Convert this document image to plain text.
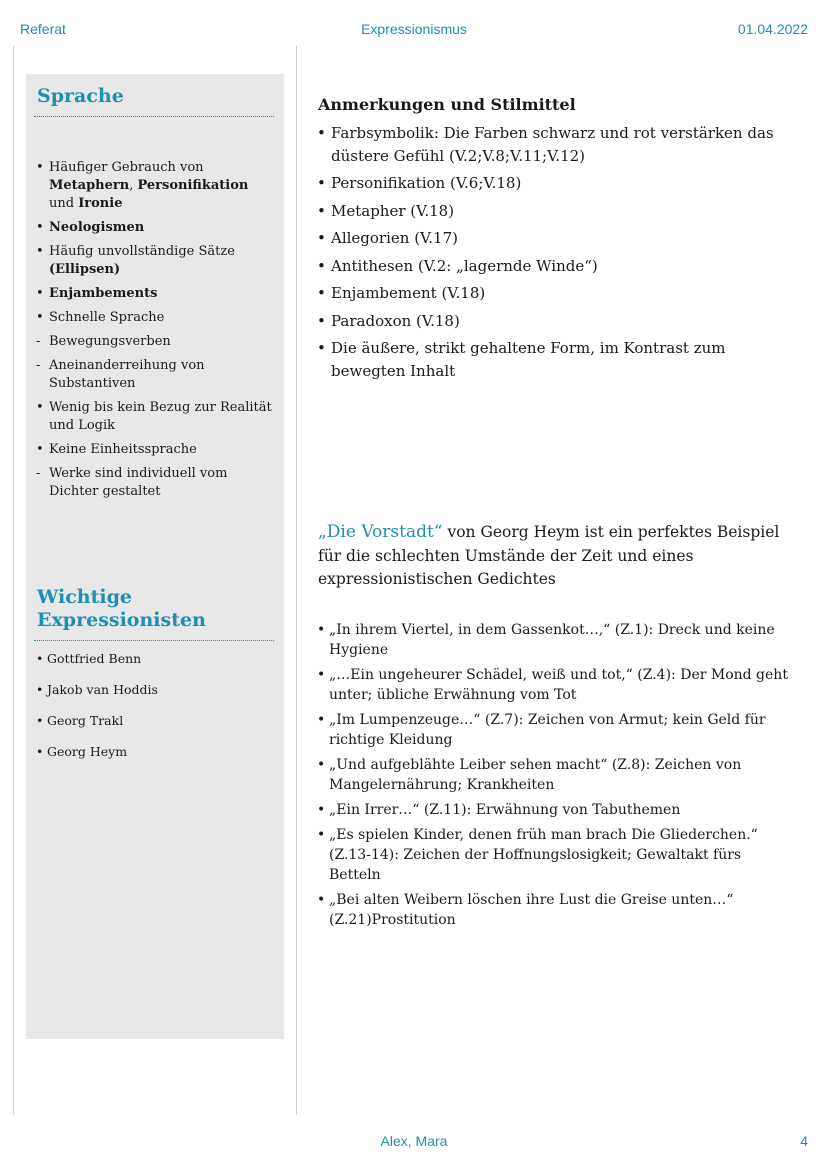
Referat	Expressionismus	01.04.2022
Sprache
• Häufiger Gebrauch von Metaphern, Personifikation und Ironie
• Neologismen
• Häufig unvollständige Sätze (Ellipsen)
• Enjambements
• Schnelle Sprache
- Bewegungsverben
- Aneinanderreihung von Substantiven
• Wenig bis kein Bezug zur Realität und Logik
• Keine Einheitssprache
- Werke sind individuell vom Dichter gestaltet
Wichtige
Expressionisten
• Gottfried Benn
• Jakob van Hoddis
• Georg Trakl
• Georg Heym
Anmerkungen und Stilmittel
• Farbsymbolik: Die Farben schwarz und rot verstärken das düstere Gefühl (V.2;V.8;V.11;V.12)
• Personifikation (V.6;V.18)
• Metapher (V.18)
• Allegorien (V.17)
• Antithesen (V.2: „lagernde Winde“)
• Enjambement (V.18)
• Paradoxon (V.18)
• Die äußere, strikt gehaltene Form, im Kontrast zum bewegten Inhalt

„Die Vorstadt“ von Georg Heym ist ein perfektes Beispiel für die schlechten Umstände der Zeit und eines expressionistischen Gedichtes

• „In ihrem Viertel, in dem Gassenkot…,“ (Z.1): Dreck und keine Hygiene
• „…Ein ungeheurer Schädel, weiß und tot,“ (Z.4): Der Mond geht unter; übliche Erwähnung vom Tot
• „Im Lumpenzeuge…“ (Z.7): Zeichen von Armut; kein Geld für richtige Kleidung
• „Und aufgeblähte Leiber sehen macht“ (Z.8): Zeichen von Mangelernährung; Krankheiten
• „Ein Irrer…“ (Z.11): Erwähnung von Tabuthemen
• „Es spielen Kinder, denen früh man brach Die Gliederchen.“ (Z.13-14): Zeichen der Hoffnungslosigkeit; Gewaltakt fürs Betteln
• „Bei alten Weibern löschen ihre Lust die Greise unten…“ (Z.21)Prostitution
Alex, Mara	4
